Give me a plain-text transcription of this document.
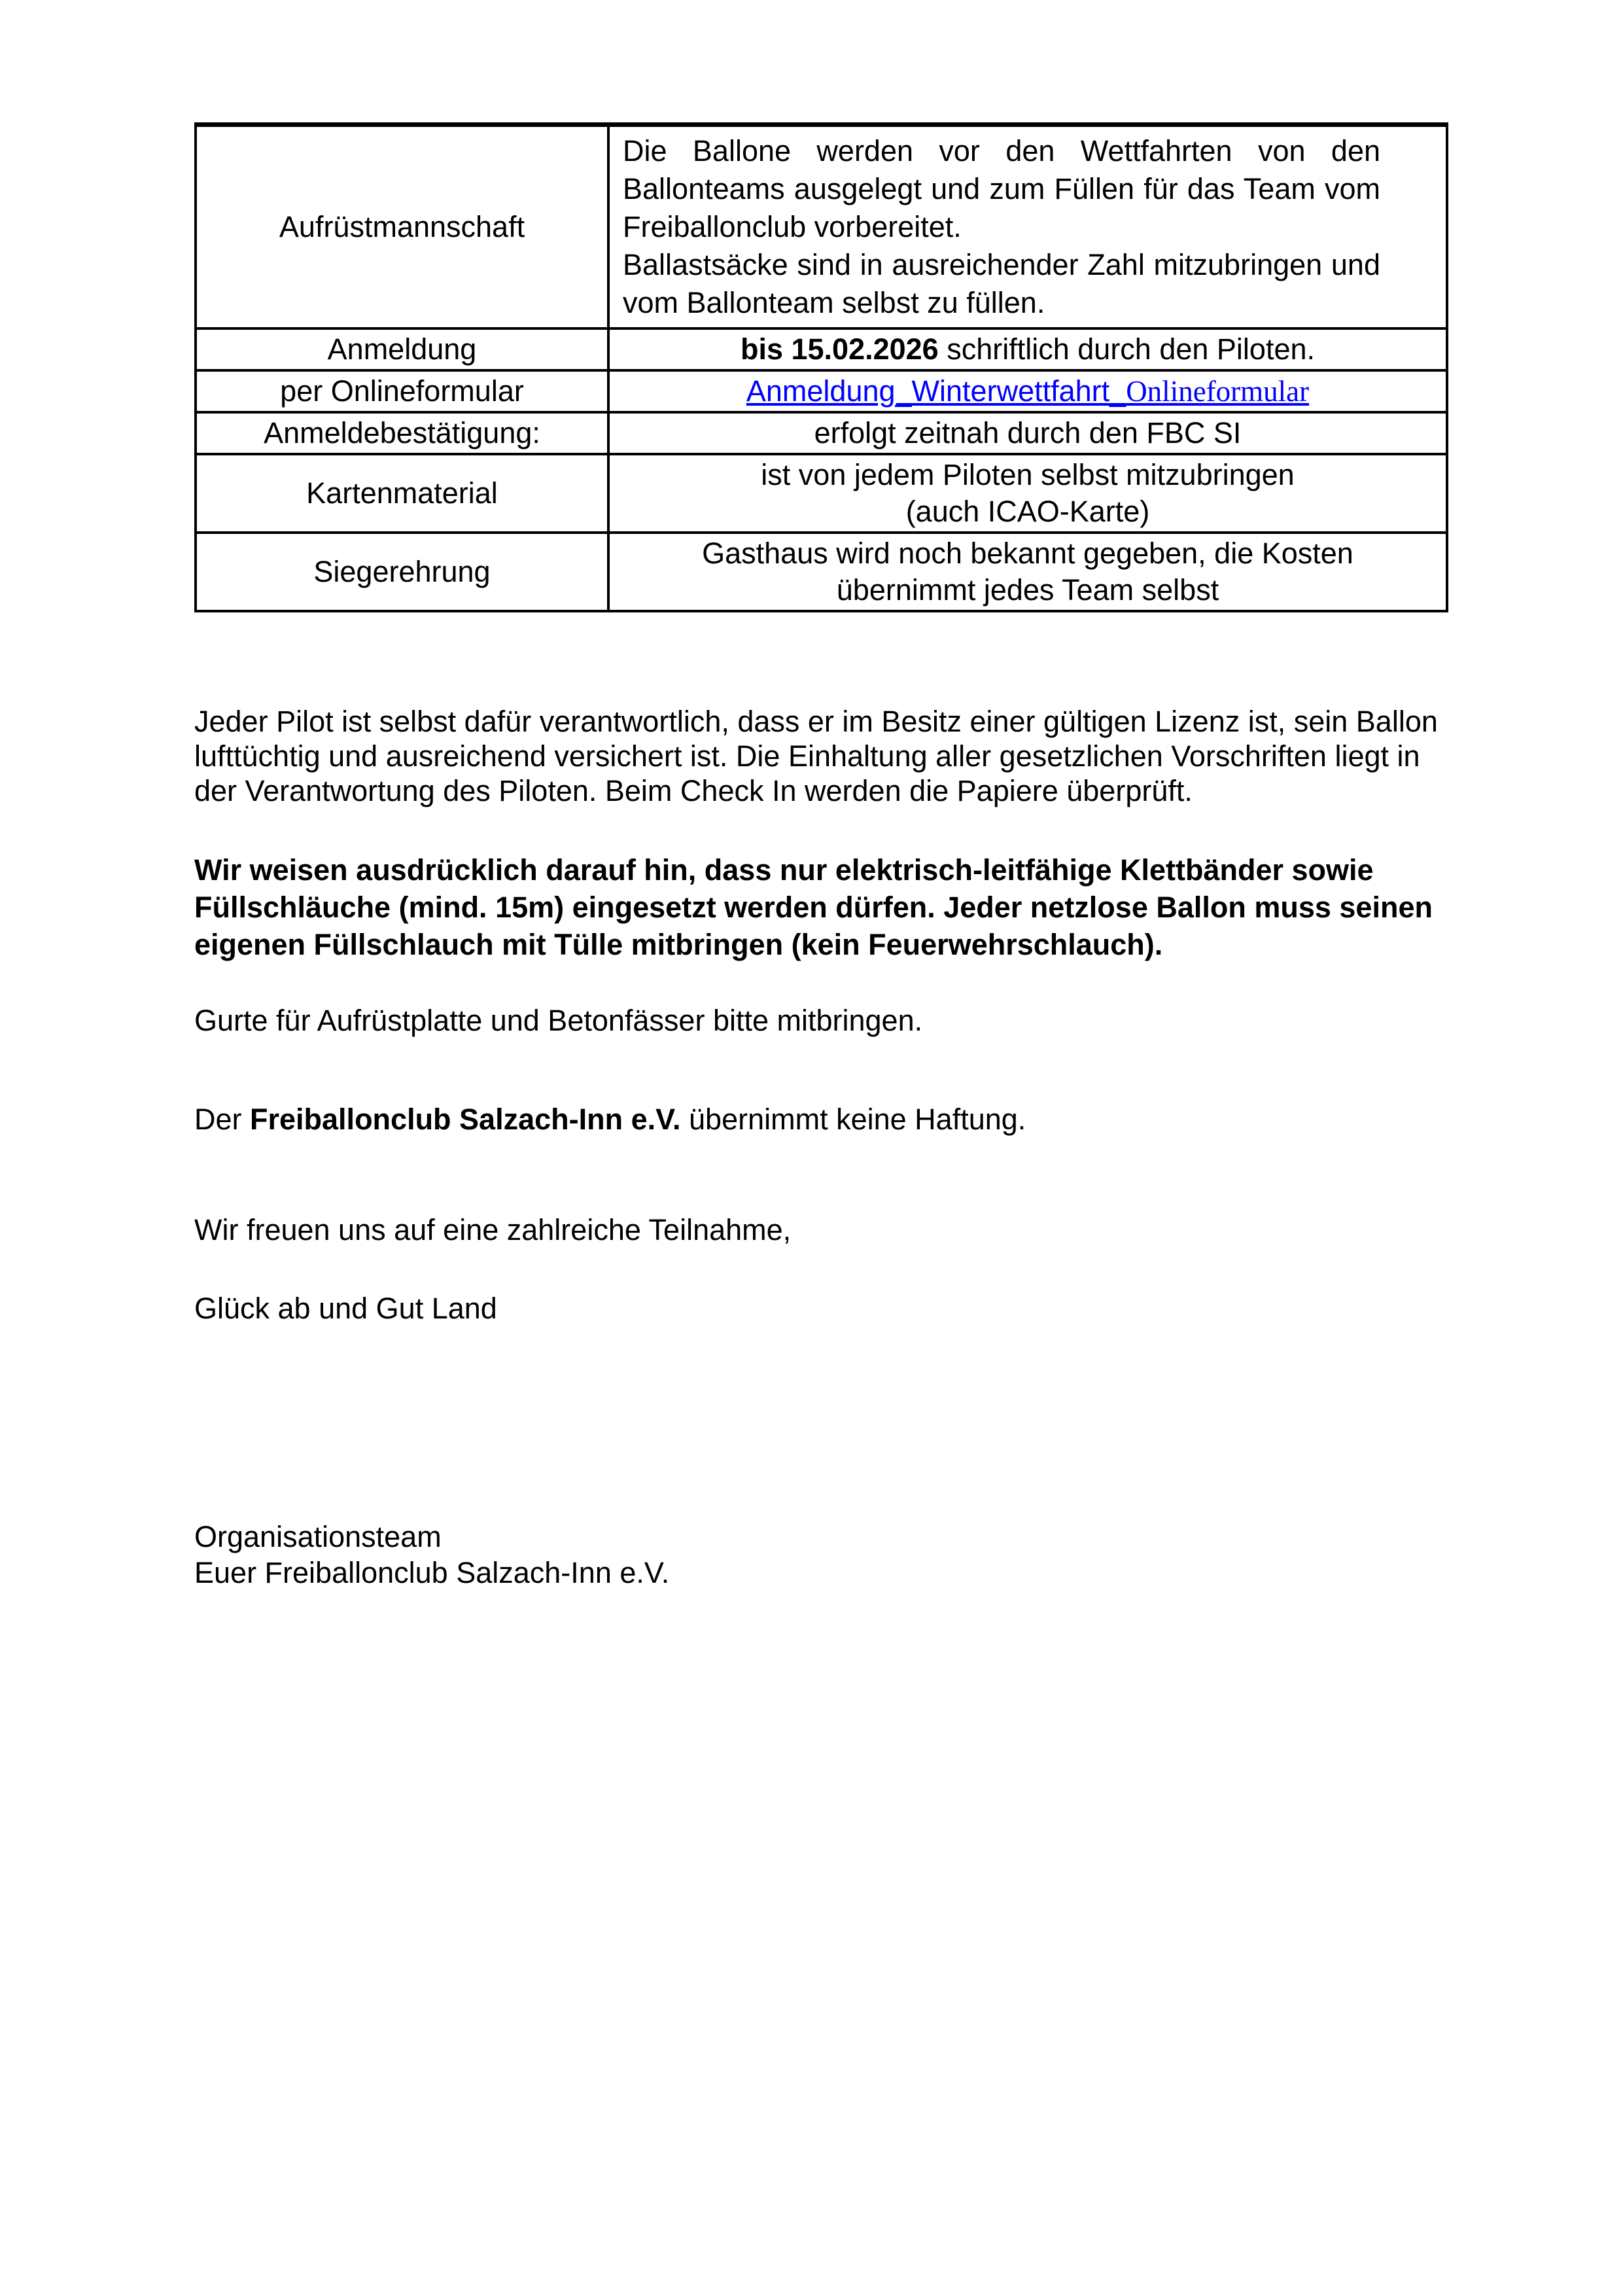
Aufrüstmannschaft	Die Ballone werden vor den Wettfahrten von den Ballonteams ausgelegt und zum Füllen für das Team vom Freiballonclub vorbereitet.
Ballastsäcke sind in ausreichender Zahl mitzubringen und vom Ballonteam selbst zu füllen.

Anmeldung	bis 15.02.2026 schriftlich durch den Piloten.
per Onlineformular	Anmeldung_Winterwettfahrt_Onlineformular
Anmeldebestätigung:	erfolgt zeitnah durch den FBC SI
Kartenmaterial	ist von jedem Piloten selbst mitzubringen
(auch ICAO-Karte)

Siegerehrung	Gasthaus wird noch bekannt gegeben, die Kosten
übernimmt jedes Team selbst

Jeder Pilot ist selbst dafür verantwortlich, dass er im Besitz einer gültigen Lizenz ist, sein Ballon lufttüchtig und ausreichend versichert ist. Die Einhaltung aller gesetzlichen Vorschriften liegt in der Verantwortung des Piloten. Beim Check In werden die Papiere überprüft.

Wir weisen ausdrücklich darauf hin, dass nur elektrisch-leitfähige Klettbänder sowie Füllschläuche (mind. 15m) eingesetzt werden dürfen. Jeder netzlose Ballon muss seinen eigenen Füllschlauch mit Tülle mitbringen (kein Feuerwehrschlauch).

Gurte für Aufrüstplatte und Betonfässer bitte mitbringen.

Der Freiballonclub Salzach-Inn e.V. übernimmt keine Haftung.

Wir freuen uns auf eine zahlreiche Teilnahme,

Glück ab und Gut Land

Organisationsteam
Euer Freiballonclub Salzach-Inn e.V.
